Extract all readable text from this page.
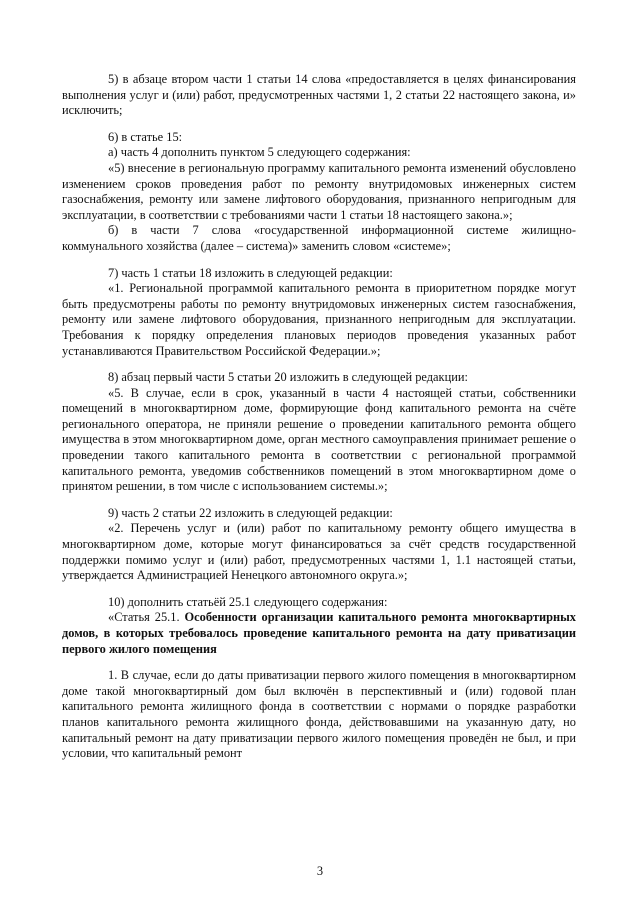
5) в абзаце втором части 1 статьи 14 слова «предоставляется в целях финансирования выполнения услуг и (или) работ, предусмотренных частями 1, 2 статьи 22 настоящего закона, и» исключить;

6) в статье 15:

а) часть 4 дополнить пунктом 5 следующего содержания:

«5) внесение в региональную программу капитального ремонта изменений обусловлено изменением сроков проведения работ по ремонту внутридомовых инженерных систем газоснабжения, ремонту или замене лифтового оборудования, признанного непригодным для эксплуатации, в соответствии с требованиями части 1 статьи 18 настоящего закона.»;

б) в части 7 слова «государственной информационной системе жилищно-коммунального хозяйства (далее – система)» заменить словом «системе»;

7) часть 1 статьи 18 изложить в следующей редакции:

«1. Региональной программой капитального ремонта в приоритетном порядке могут быть предусмотрены работы по ремонту внутридомовых инженерных систем газоснабжения, ремонту или замене лифтового оборудования, признанного непригодным для эксплуатации. Требования к порядку определения плановых периодов проведения указанных работ устанавливаются Правительством Российской Федерации.»;

8) абзац первый части 5 статьи 20 изложить в следующей редакции:

«5. В случае, если в срок, указанный в части 4 настоящей статьи, собственники помещений в многоквартирном доме, формирующие фонд капитального ремонта на счёте регионального оператора, не приняли решение о проведении капитального ремонта общего имущества в этом многоквартирном доме, орган местного самоуправления принимает решение о проведении такого капитального ремонта в соответствии с региональной программой капитального ремонта, уведомив собственников помещений в этом многоквартирном доме о принятом решении, в том числе с использованием системы.»;

9) часть 2 статьи 22 изложить в следующей редакции:

«2. Перечень услуг и (или) работ по капитальному ремонту общего имущества в многоквартирном доме, которые могут финансироваться за счёт средств государственной поддержки помимо услуг и (или) работ, предусмотренных частями 1, 1.1 настоящей статьи, утверждается Администрацией Ненецкого автономного округа.»;

10) дополнить статьёй 25.1 следующего содержания:

«Статья 25.1. Особенности организации капитального ремонта многоквартирных домов, в которых требовалось проведение капитального ремонта на дату приватизации первого жилого помещения

1. В случае, если до даты приватизации первого жилого помещения в многоквартирном доме такой многоквартирный дом был включён в перспективный и (или) годовой план капитального ремонта жилищного фонда в соответствии с нормами о порядке разработки планов капитального ремонта жилищного фонда, действовавшими на указанную дату, но капитальный ремонт на дату приватизации первого жилого помещения проведён не был, и при условии, что капитальный ремонт

3
